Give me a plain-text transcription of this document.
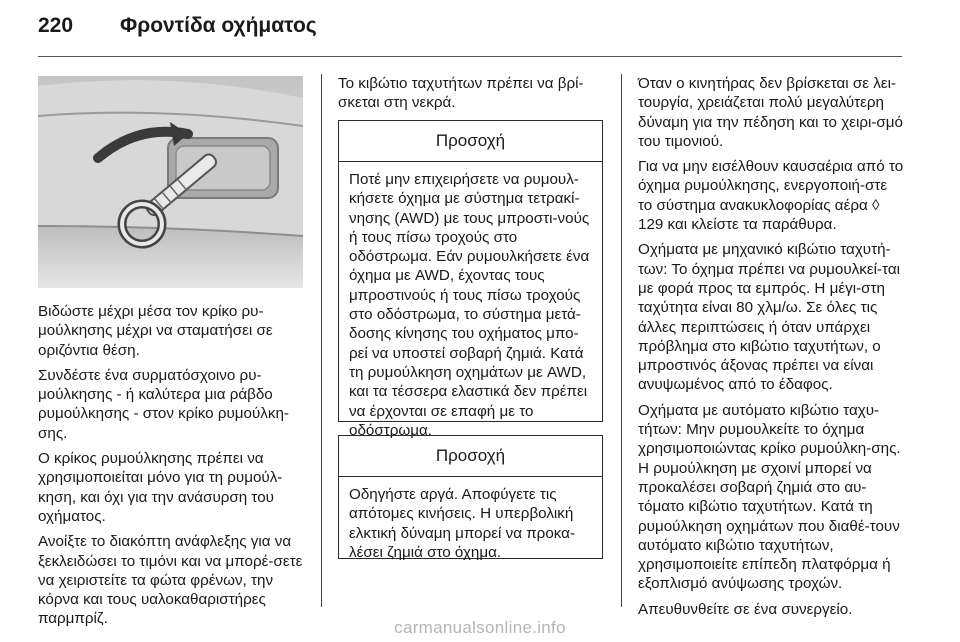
220 Φροντίδα οχήματος

Βιδώστε μέχρι μέσα τον κρίκο ρυ-μούλκησης μέχρι να σταματήσει σε οριζόντια θέση.

Συνδέστε ένα συρματόσχοινο ρυ-μούλκησης - ή καλύτερα μια ράβδο ρυμούλκησης - στον κρίκο ρυμούλκη-σης.

Ο κρίκος ρυμούλκησης πρέπει να χρησιμοποιείται μόνο για τη ρυμούλ-κηση, και όχι για την ανάσυρση του οχήματος.

Ανοίξτε το διακόπτη ανάφλεξης για να ξεκλειδώσει το τιμόνι και να μπορέ-σετε να χειριστείτε τα φώτα φρένων, την κόρνα και τους υαλοκαθαριστήρες παρμπρίζ.

Το κιβώτιο ταχυτήτων πρέπει να βρί-σκεται στη νεκρά.

Προσοχή
Ποτέ μην επιχειρήσετε να ρυμουλ-κήσετε όχημα με σύστημα τετρακί-νησης (AWD) με τους μπροστι-νούς ή τους πίσω τροχούς στο οδόστρωμα. Εάν ρυμουλκήσετε ένα όχημα με AWD, έχοντας τους μπροστινούς ή τους πίσω τροχούς στο οδόστρωμα, το σύστημα μετά-δοσης κίνησης του οχήματος μπο-ρεί να υποστεί σοβαρή ζημιά. Κατά τη ρυμούλκηση οχημάτων με AWD, και τα τέσσερα ελαστικά δεν πρέπει να έρχονται σε επαφή με το οδόστρωμα.
Προσοχή
Οδηγήστε αργά. Αποφύγετε τις απότομες κινήσεις. Η υπερβολική ελκτική δύναμη μπορεί να προκα-λέσει ζημιά στο όχημα.

Όταν ο κινητήρας δεν βρίσκεται σε λει-τουργία, χρειάζεται πολύ μεγαλύτερη δύναμη για την πέδηση και το χειρι-σμό του τιμονιού.

Για να μην εισέλθουν καυσαέρια από το όχημα ρυμούλκησης, ενεργοποιή-στε το σύστημα ανακυκλοφορίας αέρα ◊ 129 και κλείστε τα παράθυρα.

Οχήματα με μηχανικό κιβώτιο ταχυτή-των: Το όχημα πρέπει να ρυμουλκεί-ται με φορά προς τα εμπρός. Η μέγι-στη ταχύτητα είναι 80 χλμ/ω. Σε όλες τις άλλες περιπτώσεις ή όταν υπάρχει πρόβλημα στο κιβώτιο ταχυτήτων, ο μπροστινός άξονας πρέπει να είναι ανυψωμένος από το έδαφος.

Οχήματα με αυτόματο κιβώτιο ταχυ-τήτων: Μην ρυμουλκείτε το όχημα χρησιμοποιώντας κρίκο ρυμούλκη-σης. Η ρυμούλκηση με σχοινί μπορεί να προκαλέσει σοβαρή ζημιά στο αυ-τόματο κιβώτιο ταχυτήτων. Κατά τη ρυμούλκηση οχημάτων που διαθέ-τουν αυτόματο κιβώτιο ταχυτήτων, χρησιμοποιείτε επίπεδη πλατφόρμα ή εξοπλισμό ανύψωσης τροχών.

Απευθυνθείτε σε ένα συνεργείο.

carmanualsonline.info
